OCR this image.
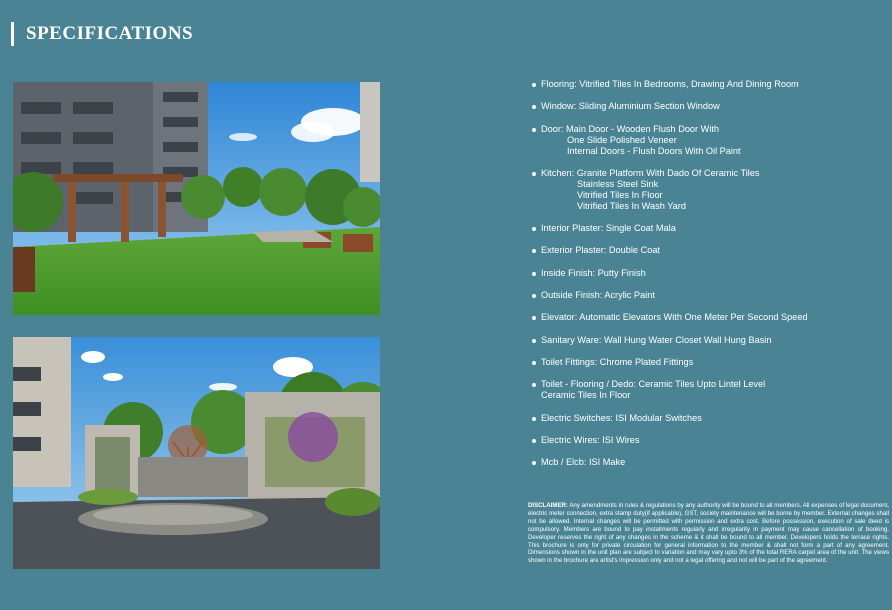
SPECIFICATIONS
Flooring: Vitrified Tiles In Bedrooms, Drawing And Dining Room
Window: Sliding Aluminium Section Window
Door: Main Door - Wooden Flush Door With
One Slide Polished Veneer
Internal Doors - Flush Doors With Oil Paint
Kitchen: Granite Platform With Dado Of Ceramic Tiles
Stainless Steel Sink
Vitrified Tiles In Floor
Vitrified Tiles In Wash Yard
Interior Plaster: Single Coat Mala
Exterior Plaster: Double Coat
Inside Finish: Putty Finish
Outside Finish: Acrylic Paint
Elevator: Automatic Elevators With One Meter Per Second Speed
Sanitary Ware: Wall Hung Water Closet Wall Hung Basin
Toilet Fittings: Chrome Plated Fittings
Toilet - Flooring / Dedo: Ceramic Tiles Upto Lintel Level
Ceramic Tiles In Floor
Electric Switches: ISI Modular Switches
Electric Wires: ISI Wires
Mcb / Elcb: ISI Make
DISCLAIMER: Any amendments in rules & regulations by any authority will be bound to all members. All expenses of legal document, electric meter connection, extra stamp duty(if applicable), GST, society maintenance will be borne by member. External changes shall not be allowed. Internal changes will be permitted with permission and extra cost. Before possession, execution of sale deed is compulsory. Members are bound to pay installments regularly and irregularity in payment may cause cancellation of booking. Developer reserves the right of any changes in the scheme & it shall be bound to all member. Developers holds the terrace rights. This brochure is only for private circulation for general information to the member & shall not form a part of any agreement. Dimensions shown in the unit plan are subject to variation and may vary upto 3% of the total RERA carpet area of the unit. The views shown in the brochure are artist's impression only and not a legal offering and not will be part of the agreement.
